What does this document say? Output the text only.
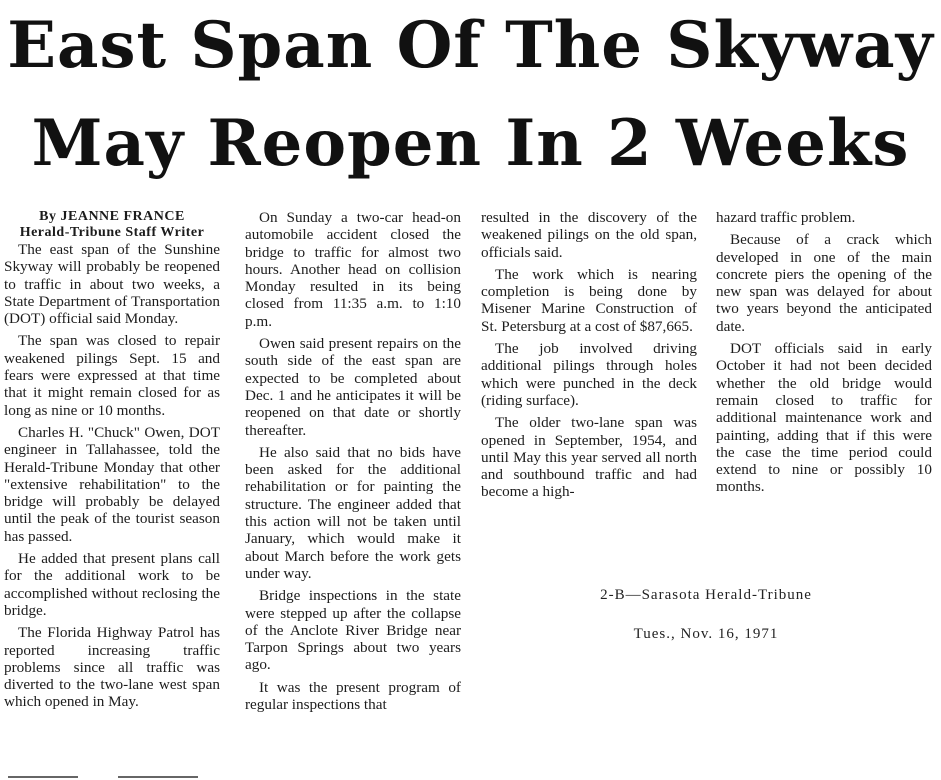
East Span Of The Skyway
May Reopen In 2 Weeks
By JEANNE FRANCE
Herald-Tribune Staff Writer

The east span of the Sunshine Skyway will probably be reopened to traffic in about two weeks, a State Department of Transportation (DOT) official said Monday.

The span was closed to repair weakened pilings Sept. 15 and fears were expressed at that time that it might remain closed for as long as nine or 10 months.

Charles H. "Chuck" Owen, DOT engineer in Tallahassee, told the Herald-Tribune Monday that other "extensive rehabilitation" to the bridge will probably be delayed until the peak of the tourist season has passed.

He added that present plans call for the additional work to be accomplished without reclosing the bridge.

The Florida Highway Patrol has reported increasing traffic problems since all traffic was diverted to the two-lane west span which opened in May.

On Sunday a two-car head-on automobile accident closed the bridge to traffic for almost two hours. Another head on collision Monday resulted in its being closed from 11:35 a.m. to 1:10 p.m.

Owen said present repairs on the south side of the east span are expected to be completed about Dec. 1 and he anticipates it will be reopened on that date or shortly thereafter.

He also said that no bids have been asked for the additional rehabilitation or for painting the structure. The engineer added that this action will not be taken until January, which would make it about March before the work gets under way.

Bridge inspections in the state were stepped up after the collapse of the Anclote River Bridge near Tarpon Springs about two years ago.

It was the present program of regular inspections that

resulted in the discovery of the weakened pilings on the old span, officials said.

The work which is nearing completion is being done by Misener Marine Construction of St. Petersburg at a cost of $87,665.

The job involved driving additional pilings through holes which were punched in the deck (riding surface).

The older two-lane span was opened in September, 1954, and until May this year served all north and southbound traffic and had become a high-

hazard traffic problem.

Because of a crack which developed in one of the main concrete piers the opening of the new span was delayed for about two years beyond the anticipated date.

DOT officials said in early October it had not been decided whether the old bridge would remain closed to traffic for additional maintenance work and painting, adding that if this were the case the time period could extend to nine or possibly 10 months.

2-B—Sarasota Herald-Tribune
Tues., Nov. 16, 1971
